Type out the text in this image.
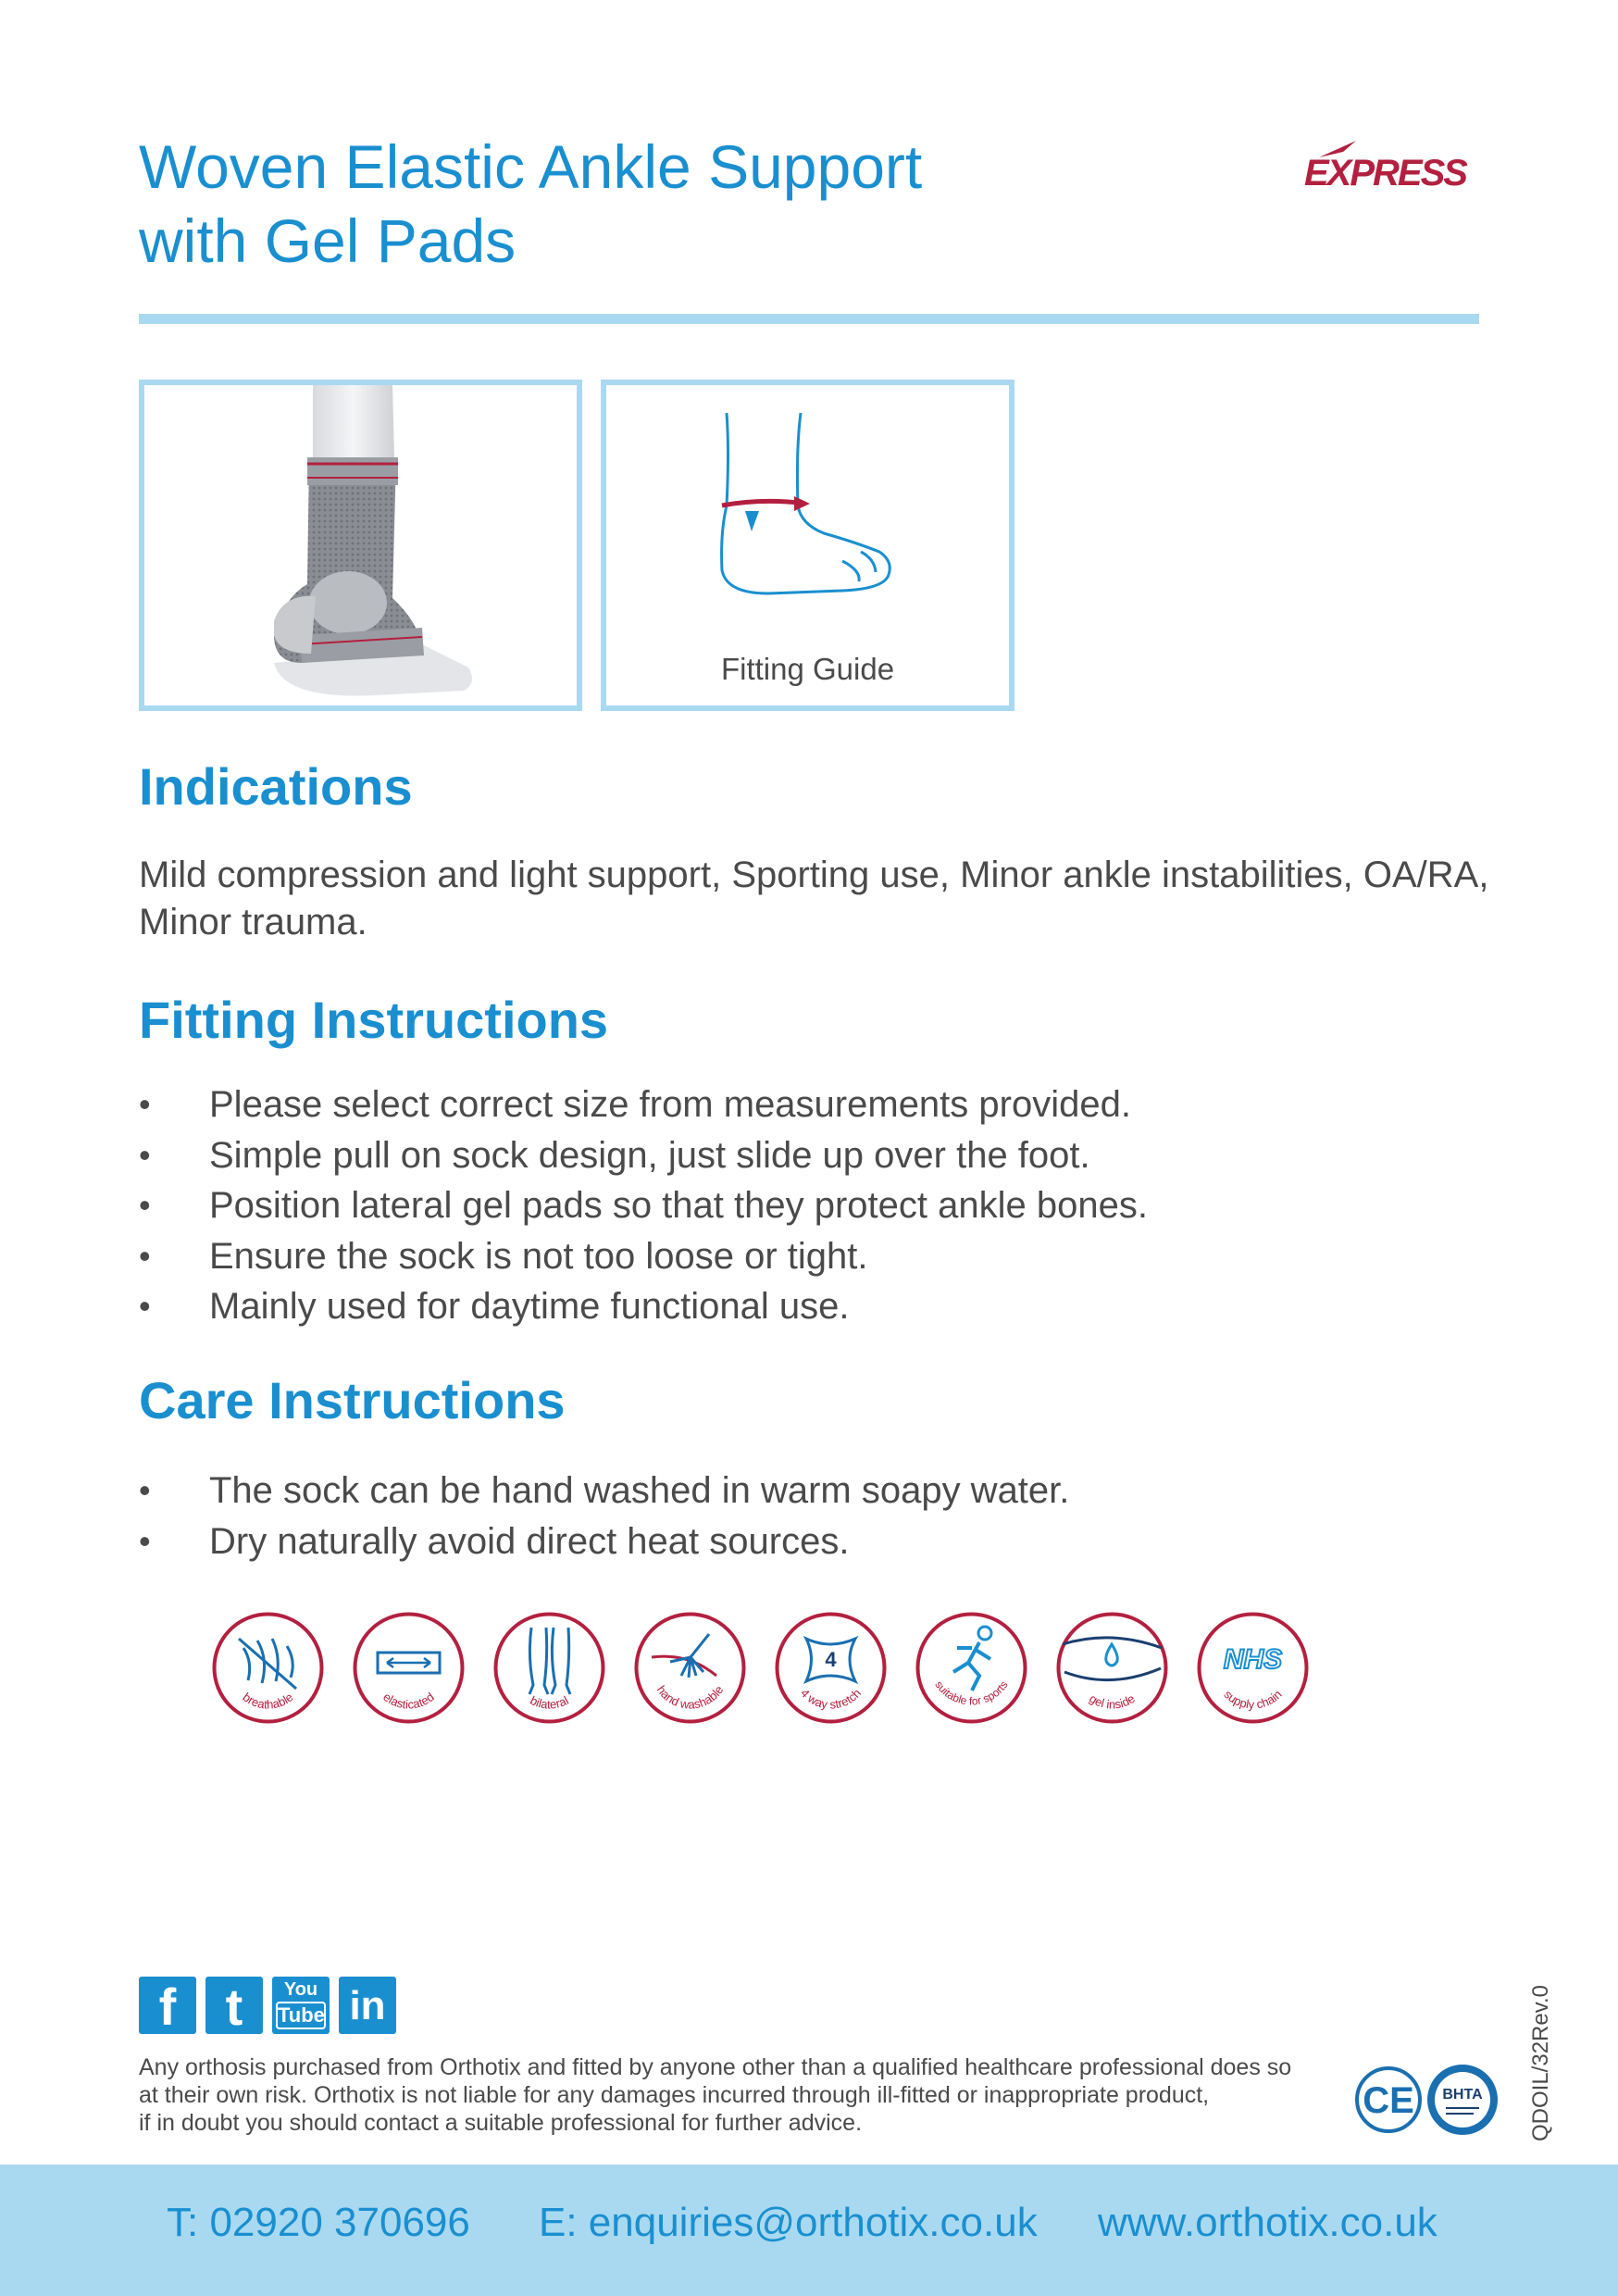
Woven Elastic Ankle Support
with Gel Pads
EXPRESS
Fitting Guide
Indications
Mild compression and light support, Sporting use, Minor ankle instabilities, OA/RA, Minor trauma.
Fitting Instructions
• Please select correct size from measurements provided.
• Simple pull on sock design, just slide up over the foot.
• Position lateral gel pads so that they protect ankle bones.
• Ensure the sock is not too loose or tight.
• Mainly used for daytime functional use.
Care Instructions
• The sock can be hand washed in warm soapy water.
• Dry naturally avoid direct heat sources.
breathable	elasticated	bilateral
hand washable
4
4 way stretch
suitable for sports
gel inside
NHS
supply chain
f t	You
Tube in
Any orthosis purchased from Orthotix and fitted by anyone other than a qualified healthcare professional does so
at their own risk. Orthotix is not liable for any damages incurred through ill-fitted or inappropriate product,
if in doubt you should contact a suitable professional for further advice.	QDOIL/32Rev.0
CE BHTA
T: 02920 370696 E: enquiries@orthotix.co.uk www.orthotix.co.uk
